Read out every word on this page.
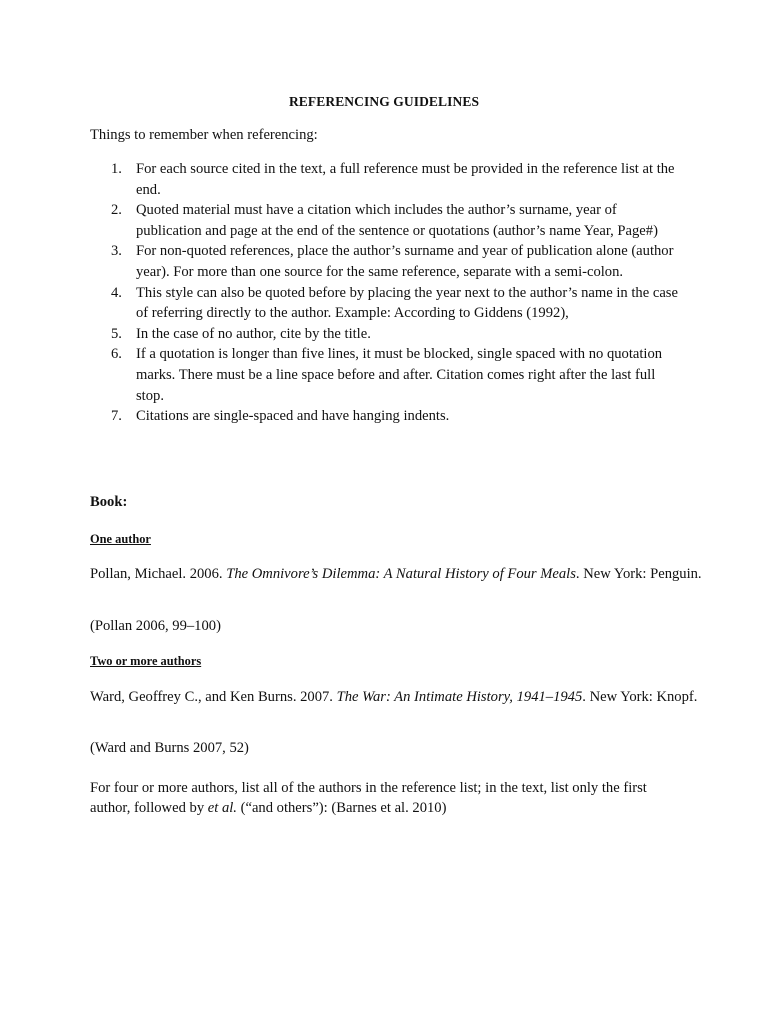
REFERENCING GUIDELINES
Things to remember when referencing:
1. For each source cited in the text, a full reference must be provided in the reference list at the end.
2. Quoted material must have a citation which includes the author’s surname, year of publication and page at the end of the sentence or quotations (author’s name Year, Page#)
3. For non-quoted references, place the author’s surname and year of publication alone (author year). For more than one source for the same reference, separate with a semi-colon.
4. This style can also be quoted before by placing the year next to the author’s name in the case of referring directly to the author. Example: According to Giddens (1992),
5. In the case of no author, cite by the title.
6. If a quotation is longer than five lines, it must be blocked, single spaced with no quotation marks. There must be a line space before and after. Citation comes right after the last full stop.
7. Citations are single-spaced and have hanging indents.
Book:
One author
Pollan, Michael. 2006. The Omnivore’s Dilemma: A Natural History of Four Meals. New York: Penguin.
(Pollan 2006, 99–100)
Two or more authors
Ward, Geoffrey C., and Ken Burns. 2007. The War: An Intimate History, 1941–1945. New York: Knopf.
(Ward and Burns 2007, 52)
For four or more authors, list all of the authors in the reference list; in the text, list only the first author, followed by et al. (“and others”): (Barnes et al. 2010)
